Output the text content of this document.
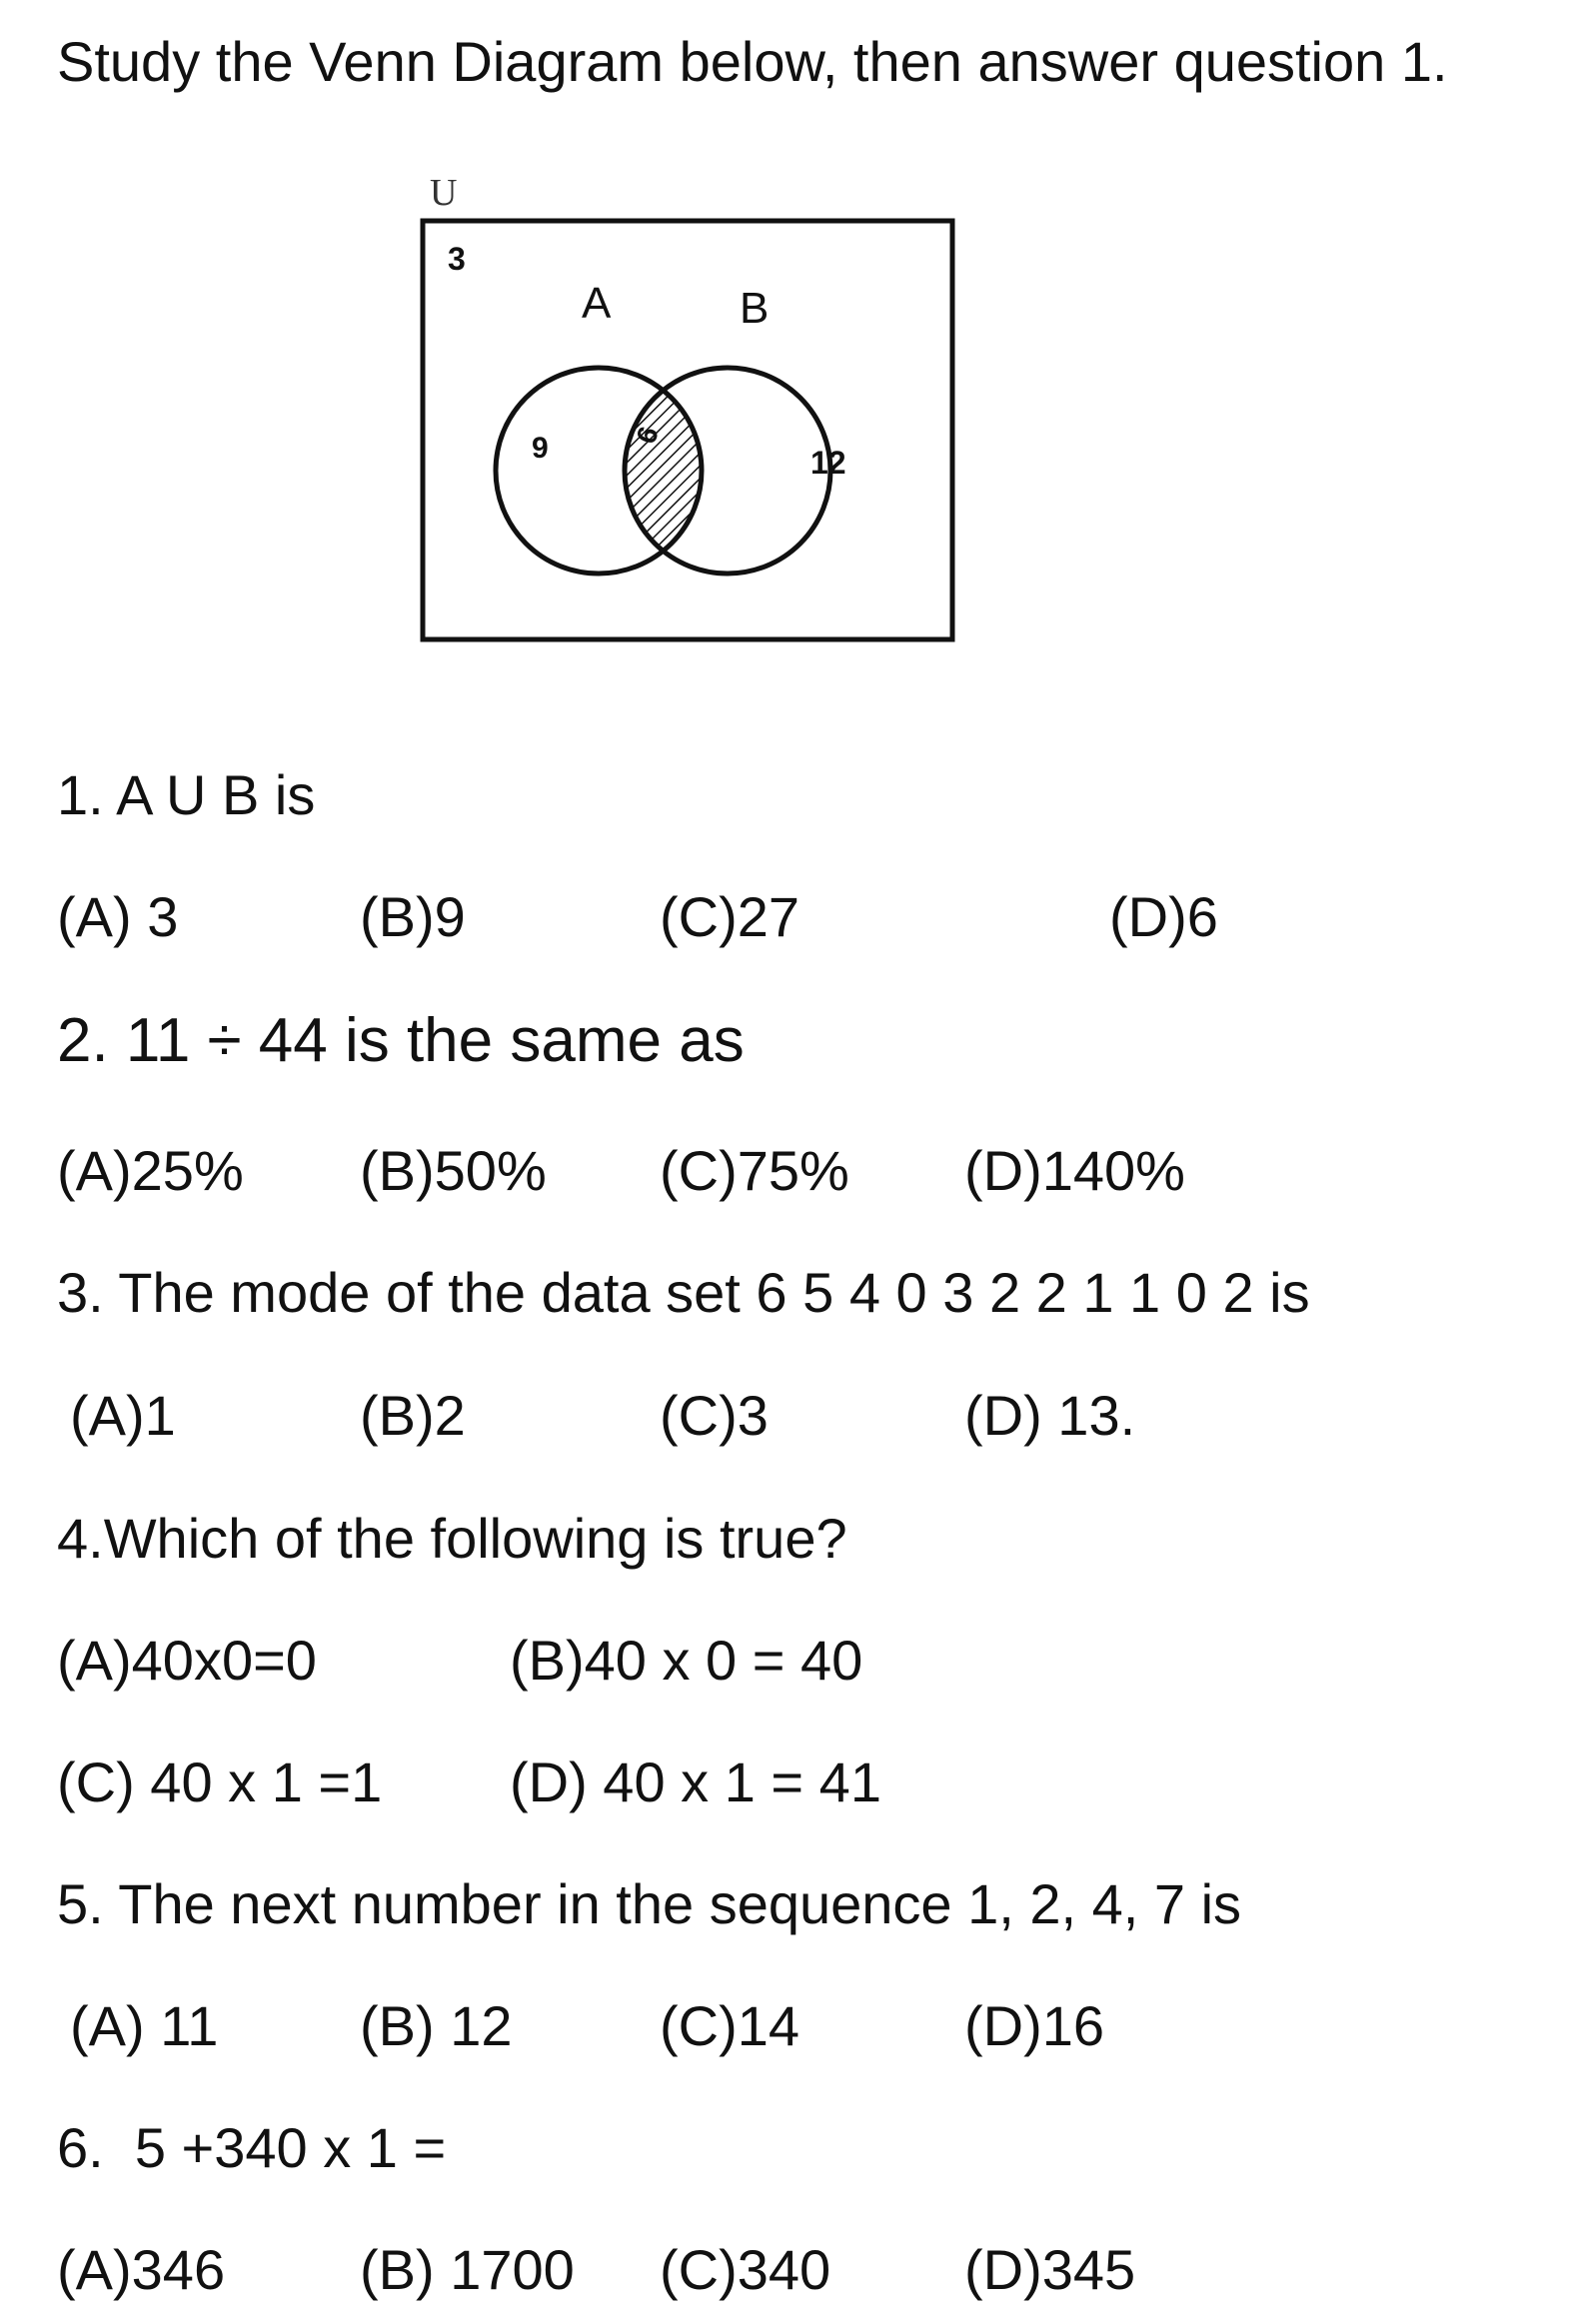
Study the Venn Diagram below, then answer question 1.
U
3
A	B
9	6
12
1. A U B is
(A) 3	(B)9	(C)27	(D)6
2. 11 ÷ 44 is the same as
(A)25% (B)50% (C)75% (D)140%
3. The mode of the data set 6 5 4 0 3 2 2 1 1 0 2 is
(A)1	(B)2	(C)3	(D) 13.
4.Which of the following is true?
(A)40x0=0	(B)40 x 0 = 40
(C) 40 x 1 =1 (D) 40 x 1 = 41
5. The next number in the sequence 1, 2, 4, 7 is
(A) 11	(B) 12	(C)14	(D)16
6.  5 +340 x 1 =
(A)346 (B) 1700 (C)340 (D)345
